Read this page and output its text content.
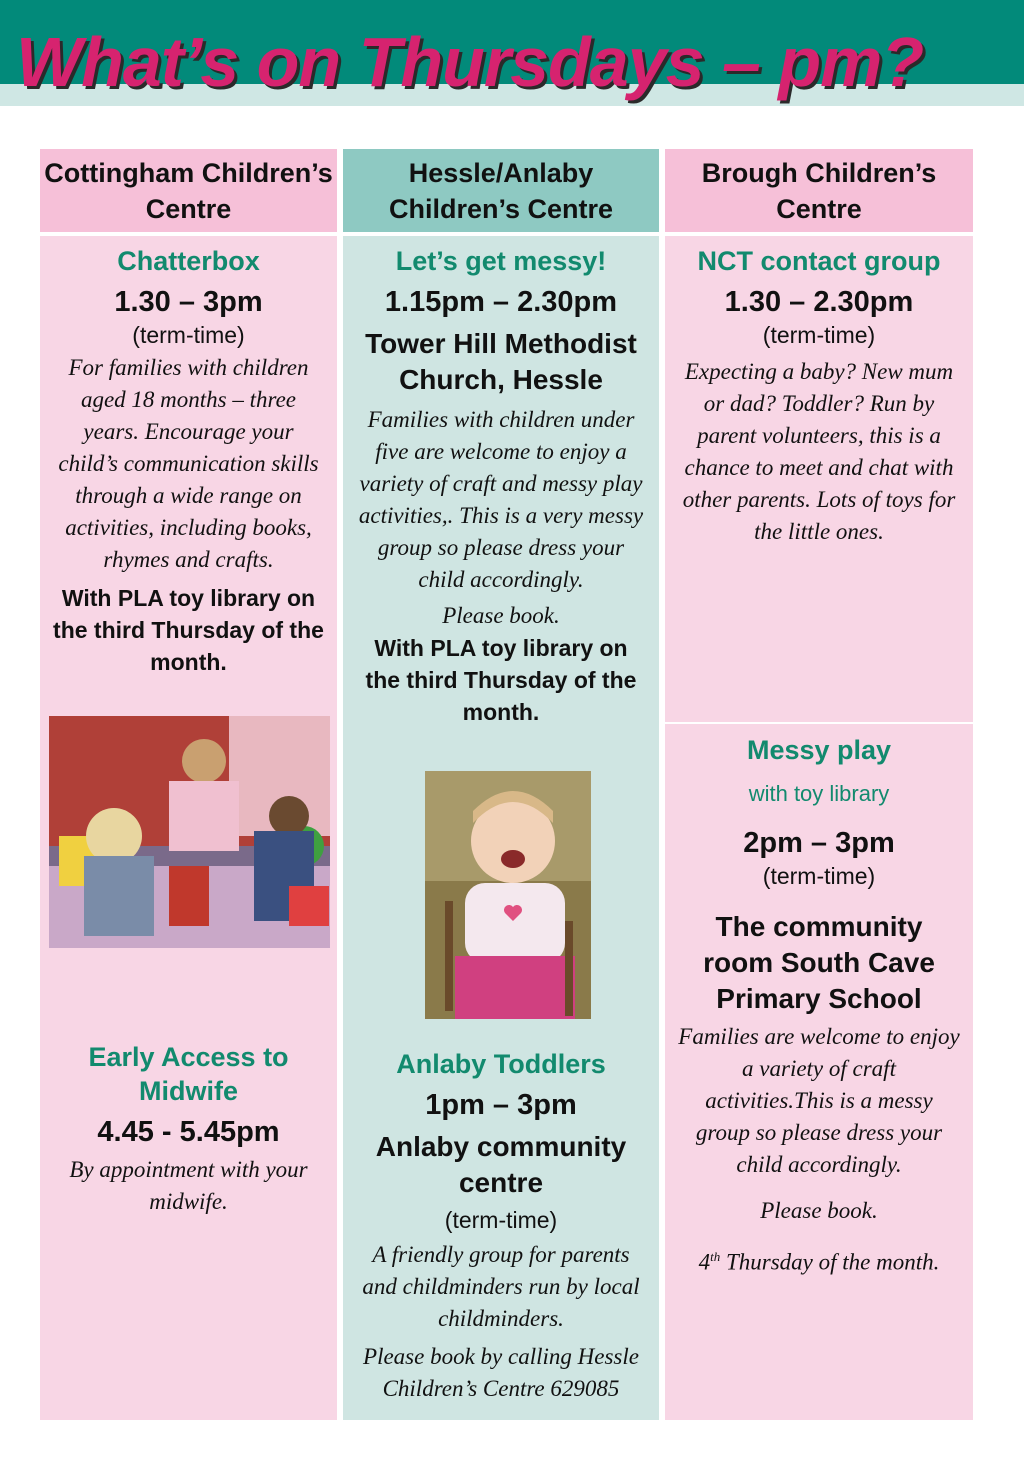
What’s on Thursdays – pm?
Cottingham Children’s Centre
Hessle/Anlaby Children’s Centre
Brough Children’s Centre

Chatterbox

1.30 – 3pm

(term-time)

For families with children aged 18 months – three years. Encourage your child’s communication skills through a wide range on activities, including books, rhymes and crafts.

With PLA toy library on the third Thursday of the month.

Early Access to Midwife

4.45 - 5.45pm

By appointment with your midwife.

Let’s get messy!

1.15pm – 2.30pm

Tower Hill Methodist Church, Hessle

Families with children under five are welcome to enjoy a variety of craft and messy play activities,. This is a very messy group so please dress your child accordingly.

Please book.

With PLA toy library on the third Thursday of the month.

Anlaby Toddlers

1pm – 3pm

Anlaby community centre

(term-time)

A friendly group for parents and childminders run by local childminders.

Please book by calling Hessle Children’s Centre 629085

NCT contact group

1.30 – 2.30pm

(term-time)

Expecting a baby? New mum or dad? Toddler? Run by parent volunteers, this is a chance to meet and chat with other parents. Lots of toys for the little ones.

Messy play

with toy library

2pm – 3pm

(term-time)

The community room South Cave Primary School

Families are welcome to enjoy a variety of craft activities.This is a messy group so please dress your child accordingly.

Please book.

4th Thursday of the month.
